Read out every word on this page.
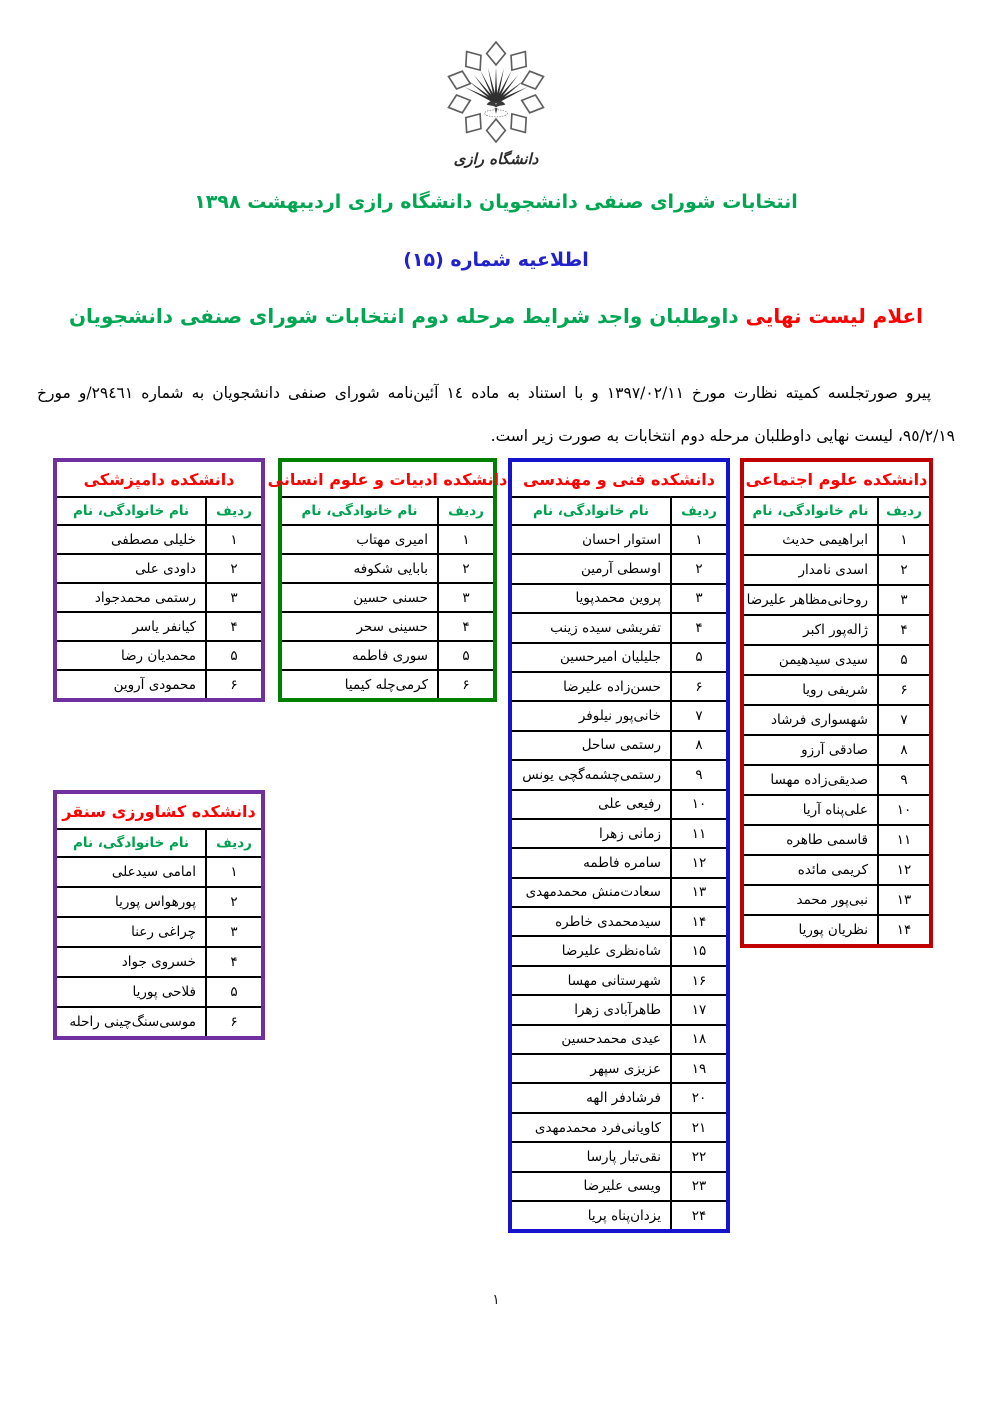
دانشگاه رازی
انتخابات شورای صنفی دانشجویان دانشگاه رازی اردیبهشت ۱۳۹۸
اطلاعیه شماره (۱۵)
اعلام لیست نهایی داوطلبان واجد شرایط مرحله دوم انتخابات شورای صنفی دانشجویان

پیرو صورتجلسه کمیته نظارت مورخ ١٣٩٧/٠٢/١١ و با استناد به ماده ١٤ آئین‌نامه شورای صنفی دانشجویان به شماره ٢٩٤٦١/و مورخ ٩٥/٢/١٩، لیست نهایی داوطلبان مرحله دوم انتخابات به صورت زیر است.

دانشکده علوم اجتماعی
ردیف
نام خانوادگی، نام
۱
ابراهیمی حدیث
۲
اسدی نامدار
۳
روحانی‌مظاهر علیرضا
۴
ژاله‌پور اکبر
۵
سیدی سیدهیمن
۶
شریفی رویا
۷
شهسواری فرشاد
۸
صادقی آرزو
۹
صدیقی‌زاده مهسا
۱۰
علی‌پناه آریا
۱۱
قاسمی طاهره
۱۲
کریمی مائده
۱۳
نبی‌پور محمد
۱۴
نظریان پوریا
دانشکده فنی و مهندسی
ردیف
نام خانوادگی، نام
۱
استوار احسان
۲
اوسطی آرمین
۳
پروین محمدپویا
۴
تفریشی سیده زینب
۵
جلیلیان امیرحسین
۶
حسن‌زاده علیرضا
۷
خانی‌پور نیلوفر
۸
رستمی ساحل
۹
رستمی‌چشمه‌گچی یونس
۱۰
رفیعی علی
۱۱
زمانی زهرا
۱۲
سامره فاطمه
۱۳
سعادت‌منش محمدمهدی
۱۴
سیدمحمدی خاطره
۱۵
شاه‌نظری علیرضا
۱۶
شهرستانی مهسا
۱۷
طاهرآبادی زهرا
۱۸
عیدی محمدحسین
۱۹
عزیزی سپهر
۲۰
فرشادفر الهه
۲۱
کاویانی‌فرد محمدمهدی
۲۲
نقی‌تبار پارسا
۲۳
ویسی علیرضا
۲۴
یزدان‌پناه پریا
دانشکده ادبیات و علوم انسانی
ردیف
نام خانوادگی، نام
۱
امیری مهتاب
۲
بابایی شکوفه
۳
حسنی حسین
۴
حسینی سحر
۵
سوری فاطمه
۶
کرمی‌چله کیمیا
دانشکده دامپزشکی
ردیف
نام خانوادگی، نام
۱
خلیلی مصطفی
۲
داودی علی
۳
رستمی محمدجواد
۴
کیانفر یاسر
۵
محمدیان رضا
۶
محمودی آروین
دانشکده کشاورزی سنقر
ردیف
نام خانوادگی، نام
۱
امامی سیدعلی
۲
پورهواس پوریا
۳
چراغی رعنا
۴
خسروی جواد
۵
فلاحی پوریا
۶
موسی‌سنگ‌چینی راحله
۱
